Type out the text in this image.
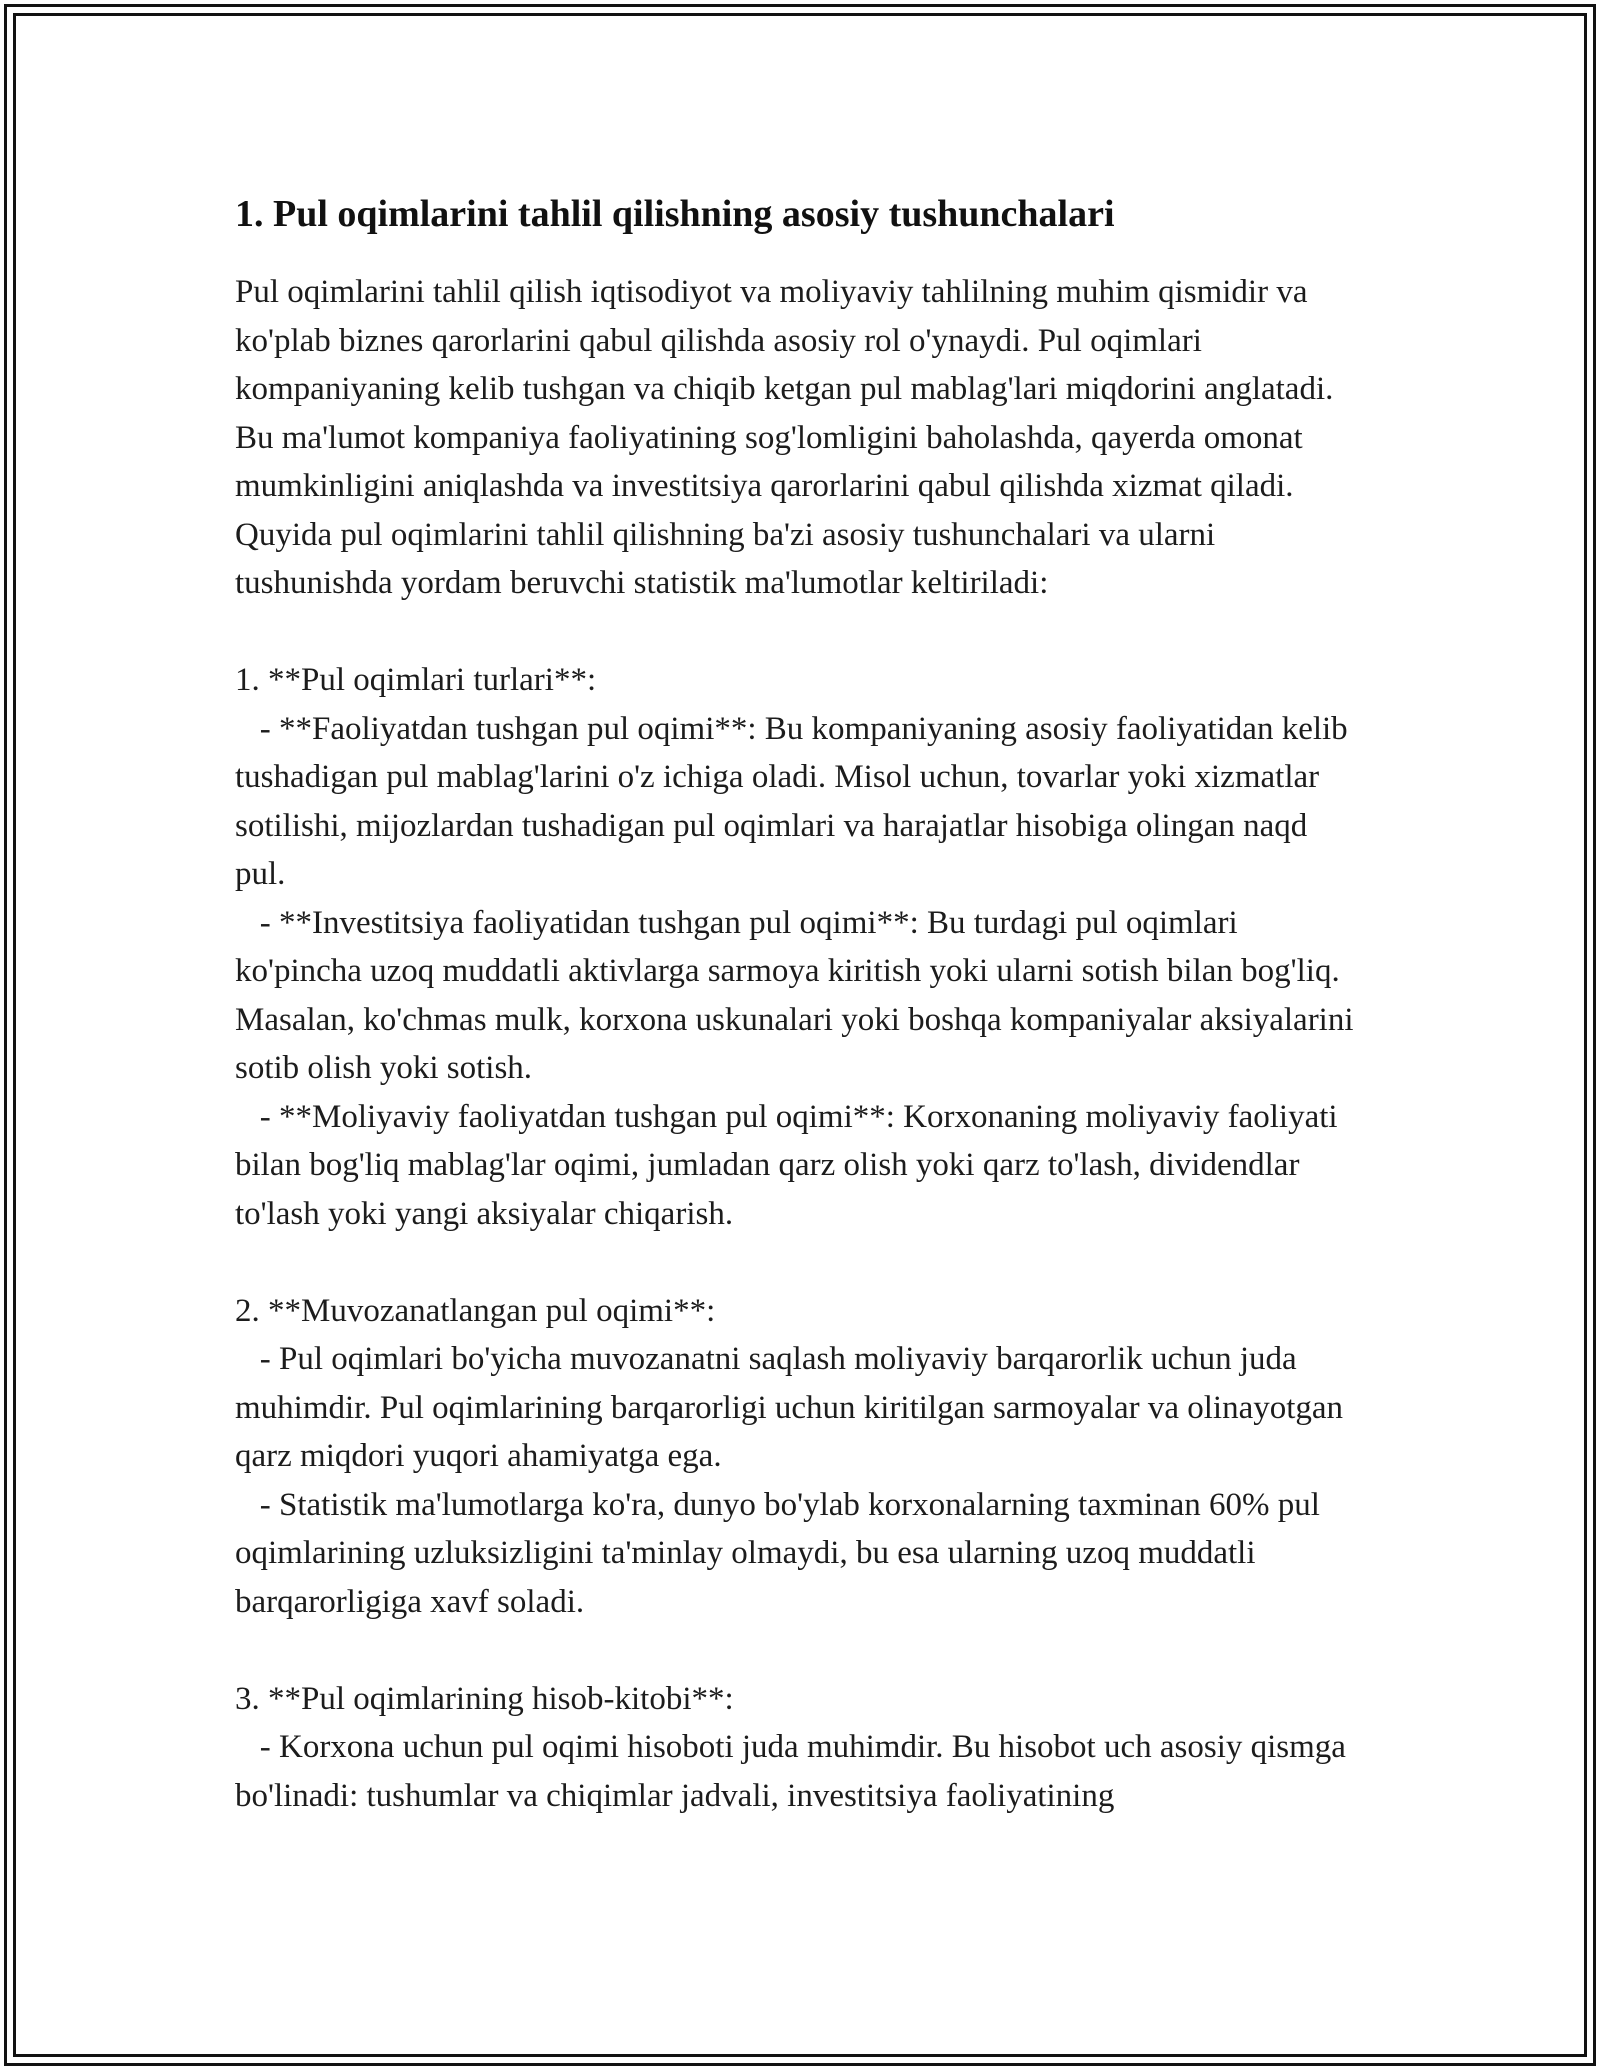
1. Pul oqimlarini tahlil qilishning asosiy tushunchalari

Pul oqimlarini tahlil qilish iqtisodiyot va moliyaviy tahlilning muhim qismidir va ko'plab biznes qarorlarini qabul qilishda asosiy rol o'ynaydi. Pul oqimlari kompaniyaning kelib tushgan va chiqib ketgan pul mablag'lari miqdorini anglatadi. Bu ma'lumot kompaniya faoliyatining sog'lomligini baholashda, qayerda omonat mumkinligini aniqlashda va investitsiya qarorlarini qabul qilishda xizmat qiladi. Quyida pul oqimlarini tahlil qilishning ba'zi asosiy tushunchalari va ularni tushunishda yordam beruvchi statistik ma'lumotlar keltiriladi:

1. **Pul oqimlari turlari**:
- **Faoliyatdan tushgan pul oqimi**: Bu kompaniyaning asosiy faoliyatidan kelib tushadigan pul mablag'larini o'z ichiga oladi. Misol uchun, tovarlar yoki xizmatlar sotilishi, mijozlardan tushadigan pul oqimlari va harajatlar hisobiga olingan naqd pul.
- **Investitsiya faoliyatidan tushgan pul oqimi**: Bu turdagi pul oqimlari ko'pincha uzoq muddatli aktivlarga sarmoya kiritish yoki ularni sotish bilan bog'liq. Masalan, ko'chmas mulk, korxona uskunalari yoki boshqa kompaniyalar aksiyalarini sotib olish yoki sotish.
- **Moliyaviy faoliyatdan tushgan pul oqimi**: Korxonaning moliyaviy faoliyati bilan bog'liq mablag'lar oqimi, jumladan qarz olish yoki qarz to'lash, dividendlar to'lash yoki yangi aksiyalar chiqarish.

2. **Muvozanatlangan pul oqimi**:
- Pul oqimlari bo'yicha muvozanatni saqlash moliyaviy barqarorlik uchun juda muhimdir. Pul oqimlarining barqarorligi uchun kiritilgan sarmoyalar va olinayotgan qarz miqdori yuqori ahamiyatga ega.
- Statistik ma'lumotlarga ko'ra, dunyo bo'ylab korxonalarning taxminan 60% pul oqimlarining uzluksizligini ta'minlay olmaydi, bu esa ularning uzoq muddatli barqarorligiga xavf soladi.

3. **Pul oqimlarining hisob-kitobi**:
- Korxona uchun pul oqimi hisoboti juda muhimdir. Bu hisobot uch asosiy qismga bo'linadi: tushumlar va chiqimlar jadvali, investitsiya faoliyatining
